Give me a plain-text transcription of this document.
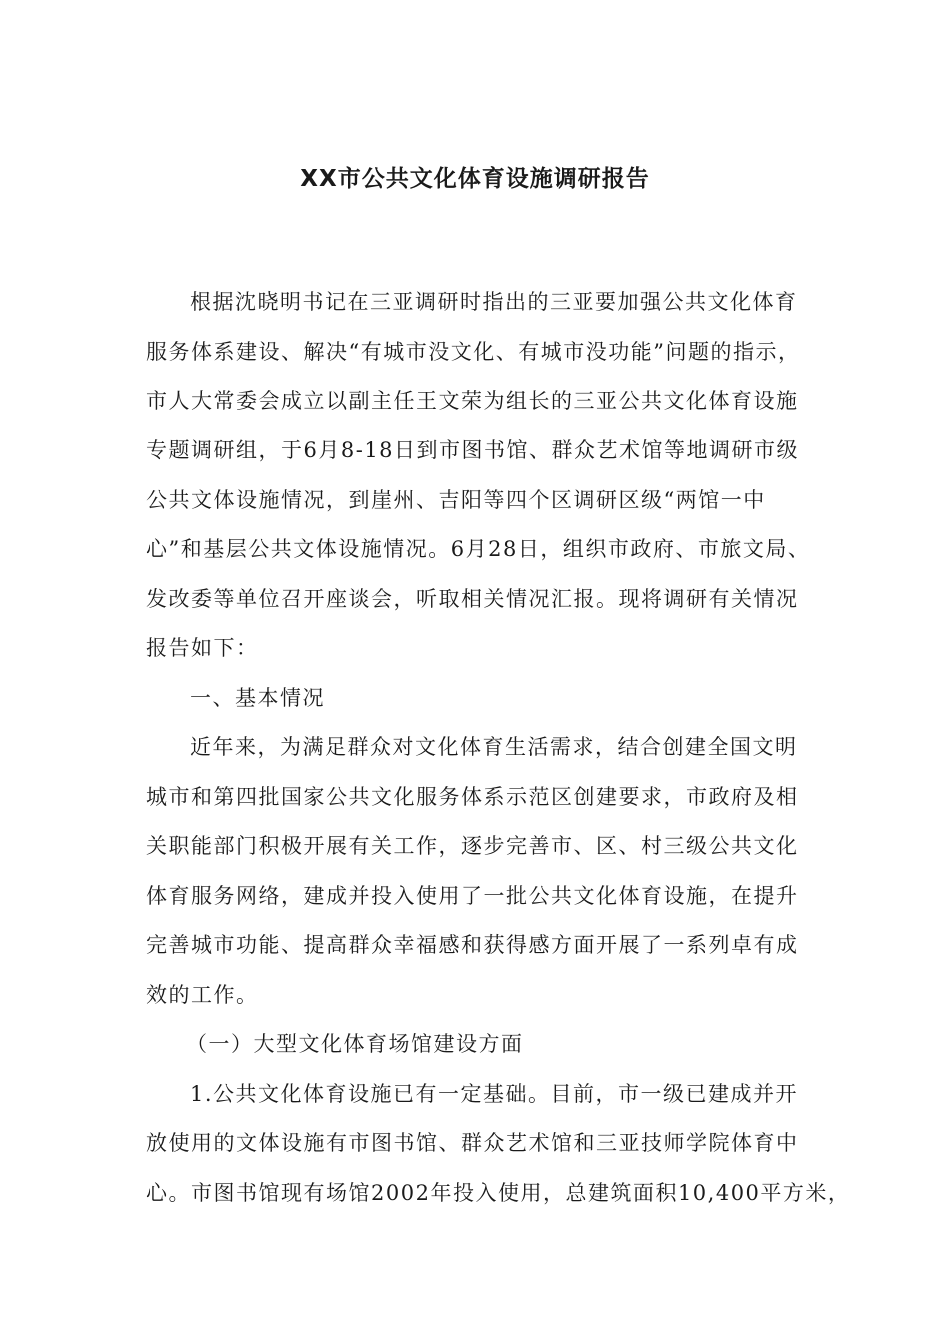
XX市公共文化体育设施调研报告
根据沈晓明书记在三亚调研时指出的三亚要加强公共文化体育
服务体系建设、解决“有城市没文化、有城市没功能”问题的指示，
市人大常委会成立以副主任王文荣为组长的三亚公共文化体育设施
专题调研组，于6月8-18日到市图书馆、群众艺术馆等地调研市级
公共文体设施情况，到崖州、吉阳等四个区调研区级“两馆一中
心”和基层公共文体设施情况。6月28日，组织市政府、市旅文局、
发改委等单位召开座谈会，听取相关情况汇报。现将调研有关情况
报告如下：
一、基本情况
近年来，为满足群众对文化体育生活需求，结合创建全国文明
城市和第四批国家公共文化服务体系示范区创建要求，市政府及相
关职能部门积极开展有关工作，逐步完善市、区、村三级公共文化
体育服务网络，建成并投入使用了一批公共文化体育设施，在提升
完善城市功能、提高群众幸福感和获得感方面开展了一系列卓有成
效的工作。
（一）大型文化体育场馆建设方面
1.公共文化体育设施已有一定基础。目前，市一级已建成并开
放使用的文体设施有市图书馆、群众艺术馆和三亚技师学院体育中
心。市图书馆现有场馆2002年投入使用，总建筑面积10,400平方米，
